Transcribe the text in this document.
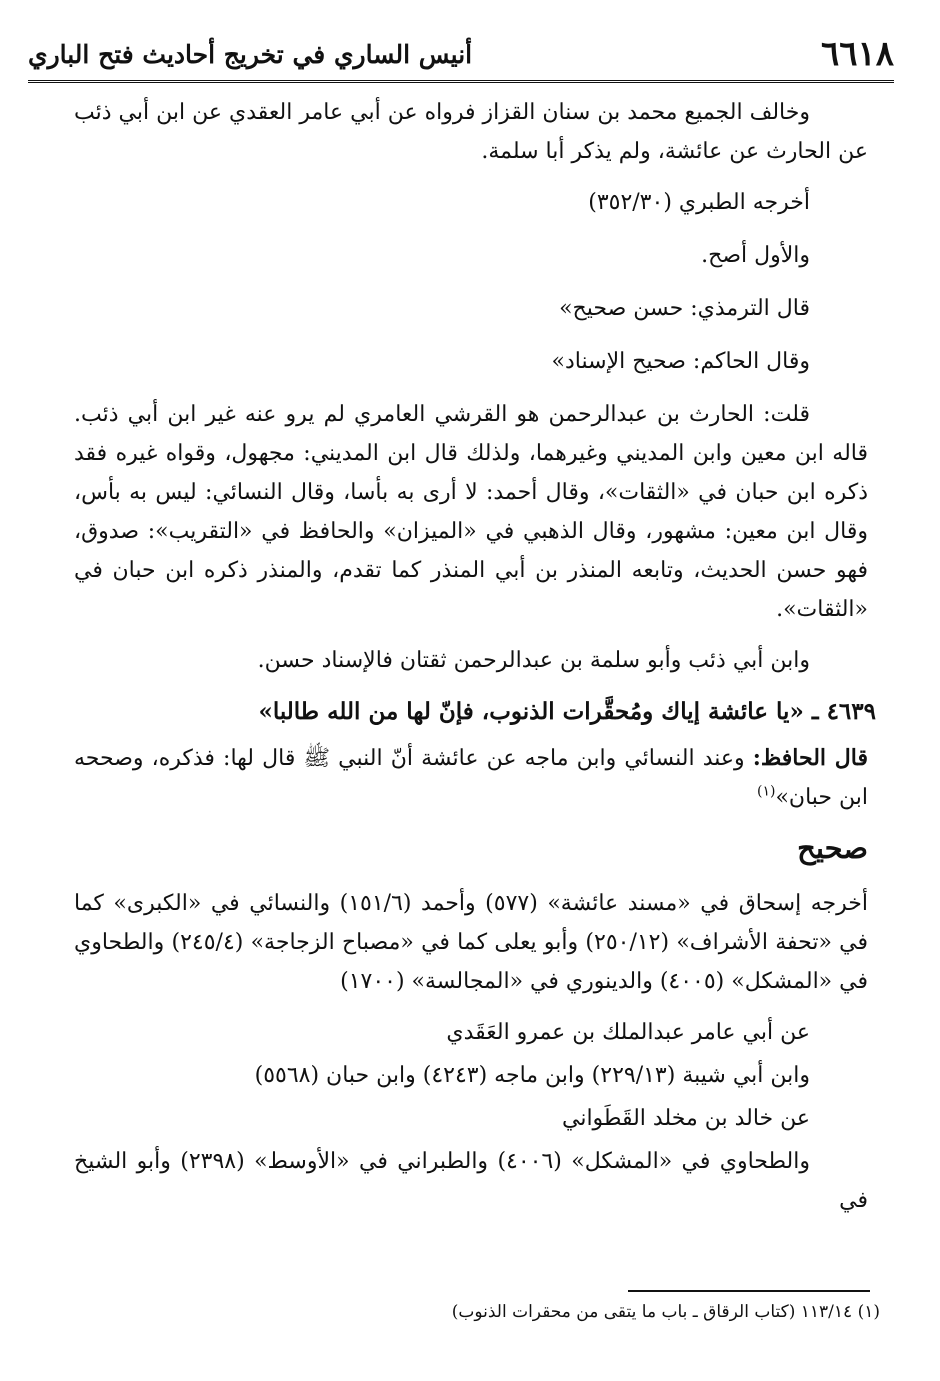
٦٦١٨
أنيس الساري في تخريج أحاديث فتح الباري

وخالف الجميع محمد بن سنان القزاز فرواه عن أبي عامر العقدي عن ابن أبي ذئب عن الحارث عن عائشة، ولم يذكر أبا سلمة.

أخرجه الطبري (٣٥٢/٣٠)

والأول أصح.

قال الترمذي: حسن صحيح»

وقال الحاكم: صحيح الإسناد»

قلت: الحارث بن عبدالرحمن هو القرشي العامري لم يرو عنه غير ابن أبي ذئب. قاله ابن معين وابن المديني وغيرهما، ولذلك قال ابن المديني: مجهول، وقواه غيره فقد ذكره ابن حبان في «الثقات»، وقال أحمد: لا أرى به بأسا، وقال النسائي: ليس به بأس، وقال ابن معين: مشهور، وقال الذهبي في «الميزان» والحافظ في «التقريب»: صدوق، فهو حسن الحديث، وتابعه المنذر بن أبي المنذر كما تقدم، والمنذر ذكره ابن حبان في «الثقات».

وابن أبي ذئب وأبو سلمة بن عبدالرحمن ثقتان فالإسناد حسن.

٤٦٣٩ ـ «يا عائشة إياك ومُحقَّرات الذنوب، فإنّ لها من الله طالبا»

قال الحافظ: وعند النسائي وابن ماجه عن عائشة أنّ النبي ﷺ قال لها: فذكره، وصححه ابن حبان»$^{(١)}$

صحيح

أخرجه إسحاق في «مسند عائشة» (٥٧٧) وأحمد (١٥١/٦) والنسائي في «الكبرى» كما في «تحفة الأشراف» (٢٥٠/١٢) وأبو يعلى كما في «مصباح الزجاجة» (٢٤٥/٤) والطحاوي في «المشكل» (٤٠٠٥) والدينوري في «المجالسة» (١٧٠٠)

عن أبي عامر عبدالملك بن عمرو العَقَدي

وابن أبي شيبة (٢٢٩/١٣) وابن ماجه (٤٢٤٣) وابن حبان (٥٥٦٨)

عن خالد بن مخلد القَطَواني

والطحاوي في «المشكل» (٤٠٠٦) والطبراني في «الأوسط» (٢٣٩٨) وأبو الشيخ في

(١) ١١٣/١٤ (كتاب الرقاق ـ باب ما يتقى من محقرات الذنوب)
